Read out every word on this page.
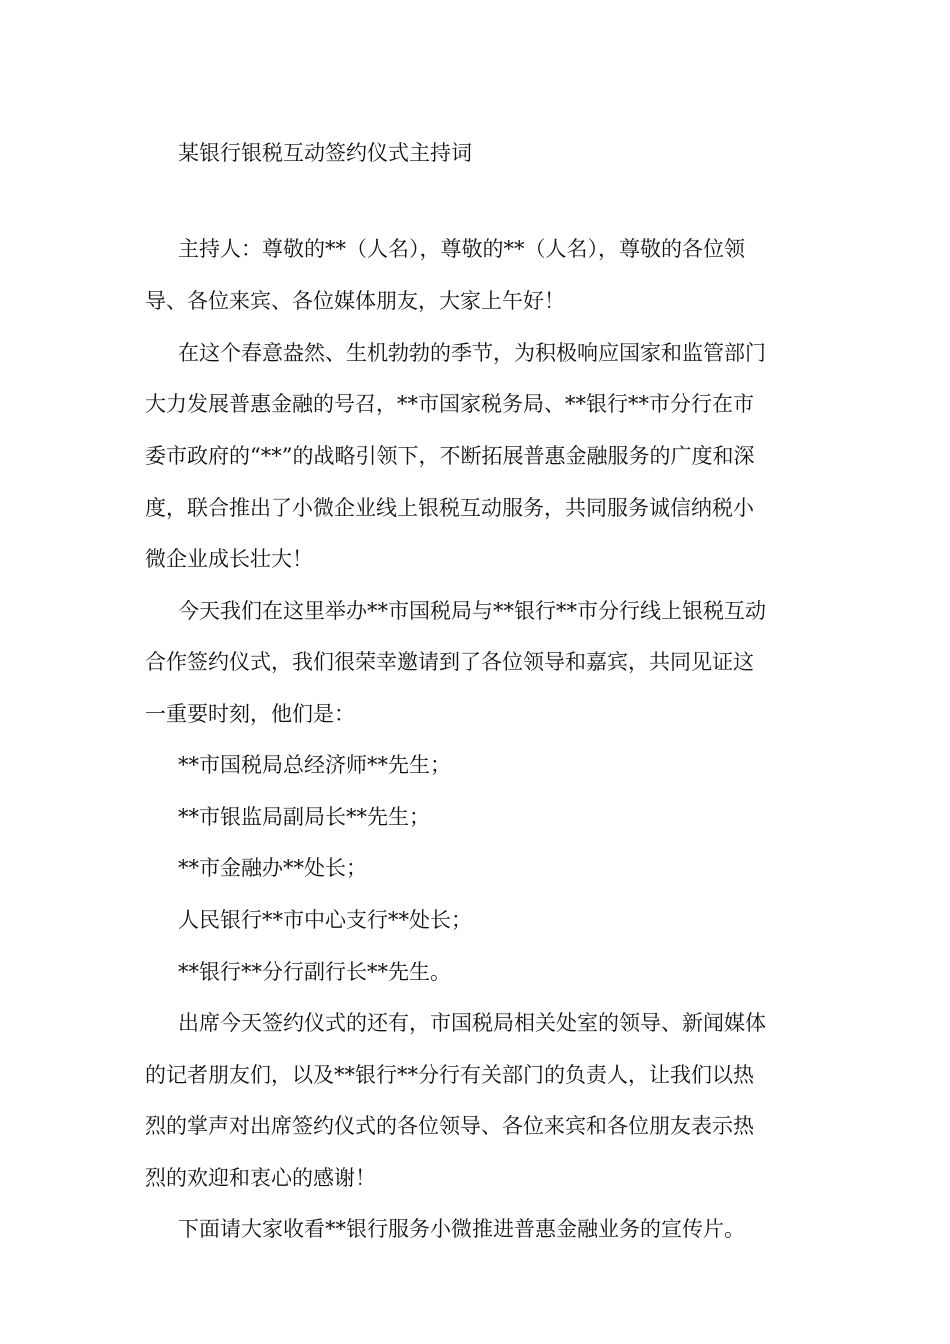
某银行银税互动签约仪式主持词

主持人：尊敬的**（人名），尊敬的**（人名），尊敬的各位领

导、各位来宾、各位媒体朋友，大家上午好！

在这个春意盎然、生机勃勃的季节，为积极响应国家和监管部门

大力发展普惠金融的号召，**市国家税务局、**银行**市分行在市

委市政府的“**”的战略引领下，不断拓展普惠金融服务的广度和深

度，联合推出了小微企业线上银税互动服务，共同服务诚信纳税小

微企业成长壮大！

今天我们在这里举办**市国税局与**银行**市分行线上银税互动

合作签约仪式，我们很荣幸邀请到了各位领导和嘉宾，共同见证这

一重要时刻，他们是：

**市国税局总经济师**先生；

**市银监局副局长**先生；

**市金融办**处长；

人民银行**市中心支行**处长；

**银行**分行副行长**先生。

出席今天签约仪式的还有，市国税局相关处室的领导、新闻媒体

的记者朋友们，以及**银行**分行有关部门的负责人，让我们以热

烈的掌声对出席签约仪式的各位领导、各位来宾和各位朋友表示热

烈的欢迎和衷心的感谢！

下面请大家收看**银行服务小微推进普惠金融业务的宣传片。
